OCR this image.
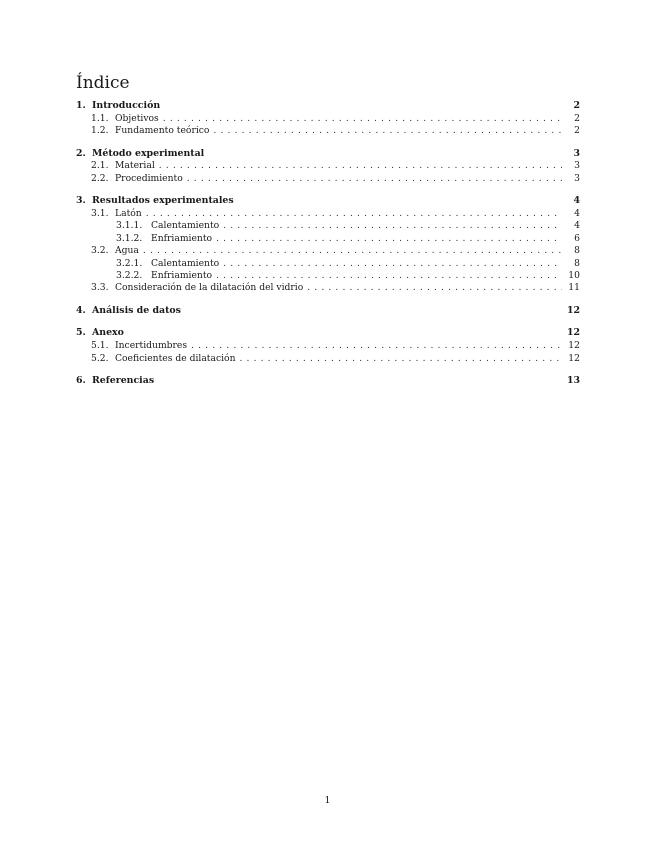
Índice
1. Introducción	2
1.1. Objetivos . . .	2
1.2. Fundamento teórico . . .	2
2. Método experimental	3
2.1. Material . . .	3
2.2. Procedimiento . . .	3
3. Resultados experimentales	4
3.1. Latón . . .	4
3.1.1. Calentamiento . . .	4
3.1.2. Enfriamiento . . .	6
3.2. Agua . . .	8
3.2.1. Calentamiento . . .	8
3.2.2. Enfriamiento . . .	10
3.3. Consideración de la dilatación del vidrio . . .	11
4. Análisis de datos	12
5. Anexo	12
5.1. Incertidumbres . . .	12
5.2. Coeficientes de dilatación . . .	12
6. Referencias	13
1
